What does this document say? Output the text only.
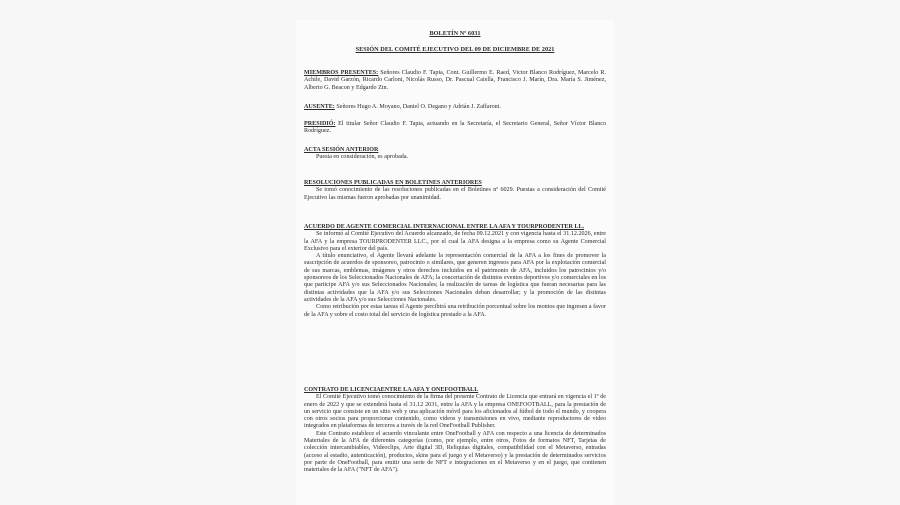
BOLETÍN Nº 6031
SESIÓN DEL COMITÉ EJECUTIVO DEL 09 DE DICIEMBRE DE 2021
MIEMBROS PRESENTES: Señores Claudio F. Tapia, Cont. Guillermo E. Raed, Victor Blanco Rodríguez, Marcelo R. Achile, David Garzón, Ricardo Carloni, Nicolás Russo, Dr. Pascual Caiella, Francisco J. Marín, Dra. María S. Jiménez, Alberto G. Beacon y Edgardo Zin.
AUSENTE: Señores Hugo A. Moyano, Daniel O. Degano y Adrián J. Zaffaroni.
PRESIDIÓ: El titular Señor Claudio F. Tapia, actuando en la Secretaría, el Secretario General, Señor Víctor Blanco Rodríguez.

ACTA SESIÓN ANTERIOR

Puesta en consideración, es aprobada.

RESOLUCIONES PUBLICADAS EN BOLETINES ANTERIORES

Se tomó conocimiento de las resoluciones publicadas en el Boletines nº 6029. Puestas a consideración del Comité Ejecutivo las mismas fueron aprobadas por unanimidad.

ACUERDO DE AGENTE COMERCIAL INTERNACIONAL ENTRE LA AFA Y TOURPRODENTER LL.

Se informó al Comité Ejecutivo del Acuerdo alcanzado, de fecha 09.12.2021 y con vigencia hasta el 31.12.2026, entre la AFA y la empresa TOURPRODENTER LLC., por el cual la AFA designa a la empresa como su Agente Comercial Exclusivo para el exterior del país.

A título enunciativo, el Agente llevará adelante la representación comercial de la AFA a los fines de promover la suscripción de acuerdos de sponsoreo, patrocinio o similares, que generen ingresos para AFA por la explotación comercial de sus marcas, emblemas, imágenes y otros derechos incluidos en el patrimonio de AFA, incluidos los patrocinios y/o sponsoreos de los Seleccionados Nacionales de AFA; la concertación de distintos eventos deportivos y/o comerciales en los que participe AFA y/o sus Seleccionados Nacionales; la realización de tareas de logística que fueran necesarias para las distintas actividades que la AFA y/o sus Selecciones Nacionales deban desarrollar; y la promoción de las distintas actividades de la AFA y/o sus Selecciones Nacionales.

Como retribución por estas tareas el Agente percibirá una retribución porcentual sobre los montos que ingresen a favor de la AFA y sobre el costo total del servicio de logística prestado a la AFA.

CONTRATO DE LICENCIAENTRE LA AFA Y ONEFOOTBALL

El Comité Ejecutivo tomó conocimiento de la firma del presente Contrato de Licencia que entrará en vigencia el 1º de enero de 2022 y que se extenderá hasta el 31.12 2031, entre la AFA y la empresa ONEFOOTBALL, para la prestación de un servicio que consiste en un sitio web y una aplicación móvil para los aficionados al fútbol de todo el mundo, y coopera con otros socios para proporcionar contenido, como videos y transmisiones en vivo, mediante reproductores de video integrados en plataformas de terceros a través de la red OneFootball Publisher.

Este Contrato establece el acuerdo vinculante entre OneFootball y AFA con respecto a una licencia de determinados Materiales de la AFA de diferentes categorías (como, por ejemplo, entre otros, Fotos de formatos NFT, Tarjetas de colección intercambiables, Videoclips, Arte digital 3D, Reliquias digitales, compatibilidad con el Metaverso, entradas (acceso al estadio, autenticación), productos, skins para el juego y el Metaverso) y la prestación de determinados servicios por parte de OneFootball, para emitir una serie de NFT e integraciones en el Metaverso y en el juego, que contienen materiales de la AFA ("NFT de AFA").
